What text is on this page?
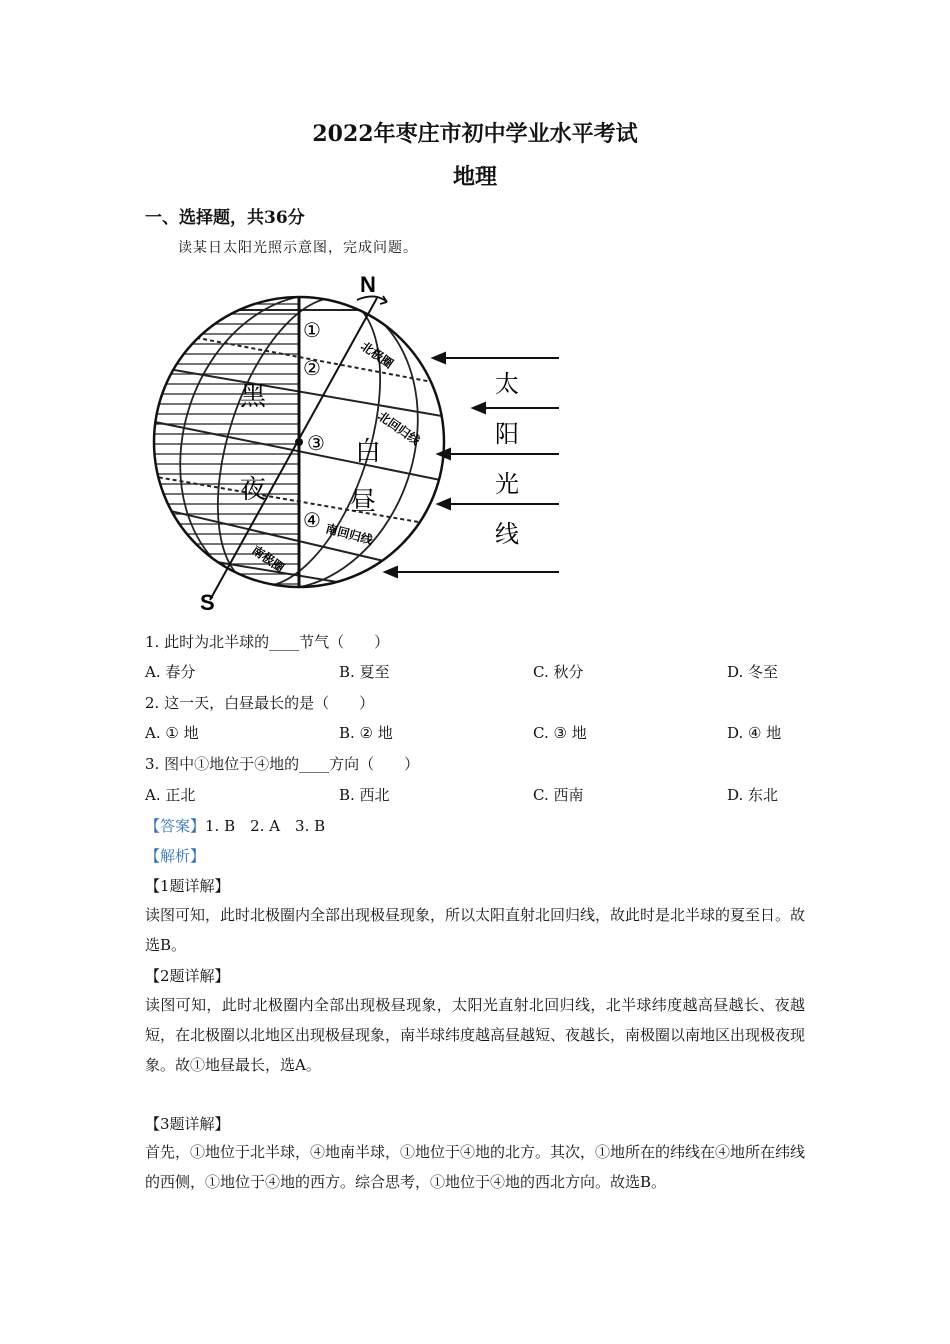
2022年枣庄市初中学业水平考试
地理
一、选择题，共36分
读某日太阳光照示意图，完成问题。
N
S
黑
夜
白
昼
①
②
③
④
北极圈
北回归线
南回归线
南极圈
太
阳
光
线
1. 此时为北半球的____节气（　　）
A. 春分	B. 夏至	C. 秋分	D. 冬至
2. 这一天，白昼最长的是（　　）
A. ① 地	B. ② 地	C. ③ 地	D. ④ 地
3. 图中①地位于④地的____方向（　　）
A. 正北	B. 西北	C. 西南	D. 东北
【答案】1. B　2. A　3. B
【解析】
【1题详解】
读图可知，此时北极圈内全部出现极昼现象，所以太阳直射北回归线，故此时是北半球的夏至日。故选B。
【2题详解】
读图可知，此时北极圈内全部出现极昼现象，太阳光直射北回归线，北半球纬度越高昼越长、夜越短，在北极圈以北地区出现极昼现象，南半球纬度越高昼越短、夜越长，南极圈以南地区出现极夜现象。故①地昼最长，选A。
【3题详解】
首先，①地位于北半球，④地南半球，①地位于④地的北方。其次，①地所在的纬线在④地所在纬线的西侧，①地位于④地的西方。综合思考，①地位于④地的西北方向。故选B。
